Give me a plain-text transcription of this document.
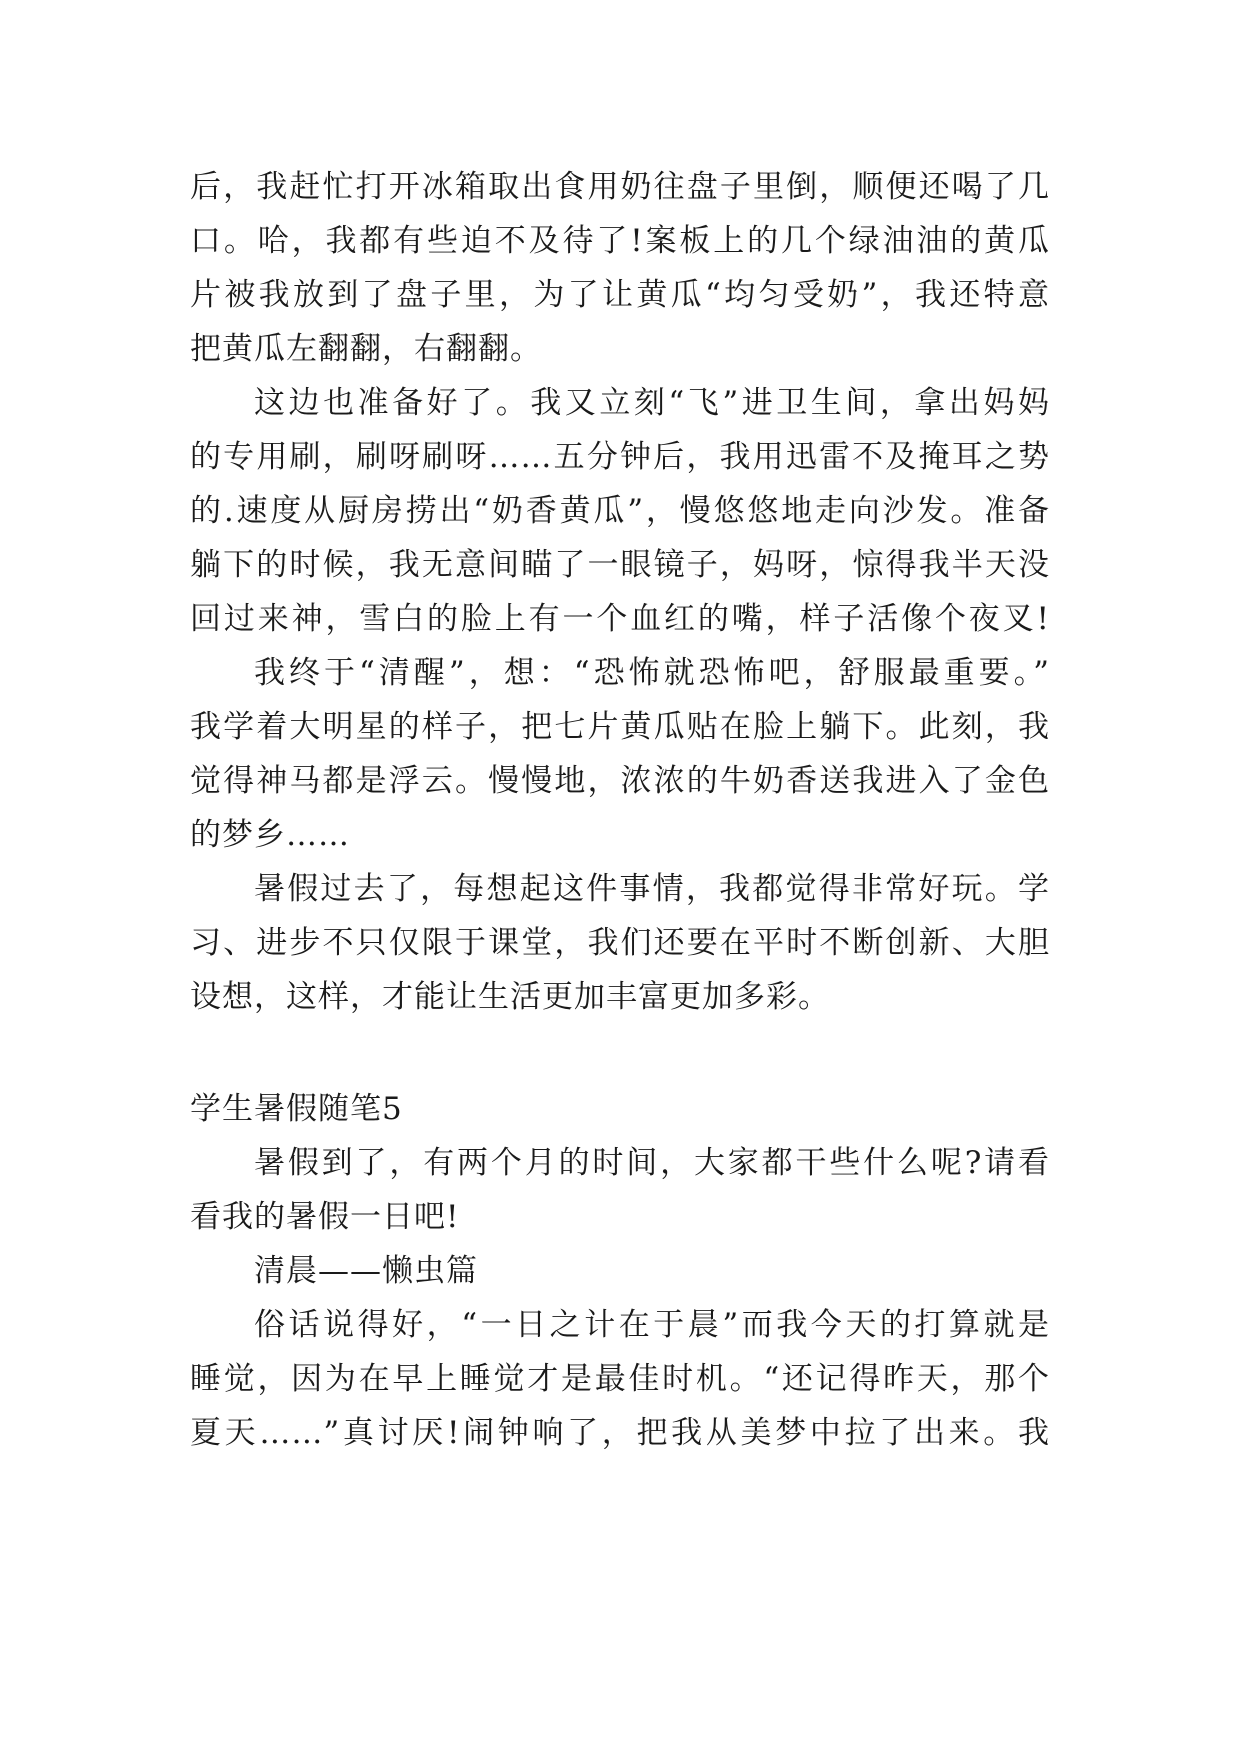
后，我赶忙打开冰箱取出食用奶往盘子里倒，顺便还喝了几
口。哈，我都有些迫不及待了!案板上的几个绿油油的黄瓜
片被我放到了盘子里，为了让黄瓜“均匀受奶”，我还特意
把黄瓜左翻翻，右翻翻。
这边也准备好了。我又立刻“飞”进卫生间，拿出妈妈
的专用刷，刷呀刷呀……五分钟后，我用迅雷不及掩耳之势
的.速度从厨房捞出“奶香黄瓜”，慢悠悠地走向沙发。准备
躺下的时候，我无意间瞄了一眼镜子，妈呀，惊得我半天没
回过来神，雪白的脸上有一个血红的嘴，样子活像个夜叉!
我终于“清醒”，想：“恐怖就恐怖吧，舒服最重要。”
我学着大明星的样子，把七片黄瓜贴在脸上躺下。此刻，我
觉得神马都是浮云。慢慢地，浓浓的牛奶香送我进入了金色
的梦乡……
暑假过去了，每想起这件事情，我都觉得非常好玩。学
习、进步不只仅限于课堂，我们还要在平时不断创新、大胆
设想，这样，才能让生活更加丰富更加多彩。
学生暑假随笔5
暑假到了，有两个月的时间，大家都干些什么呢?请看
看我的暑假一日吧!
清晨——懒虫篇
俗话说得好，“一日之计在于晨”而我今天的打算就是
睡觉，因为在早上睡觉才是最佳时机。“还记得昨天，那个
夏天……”真讨厌!闹钟响了，把我从美梦中拉了出来。我
